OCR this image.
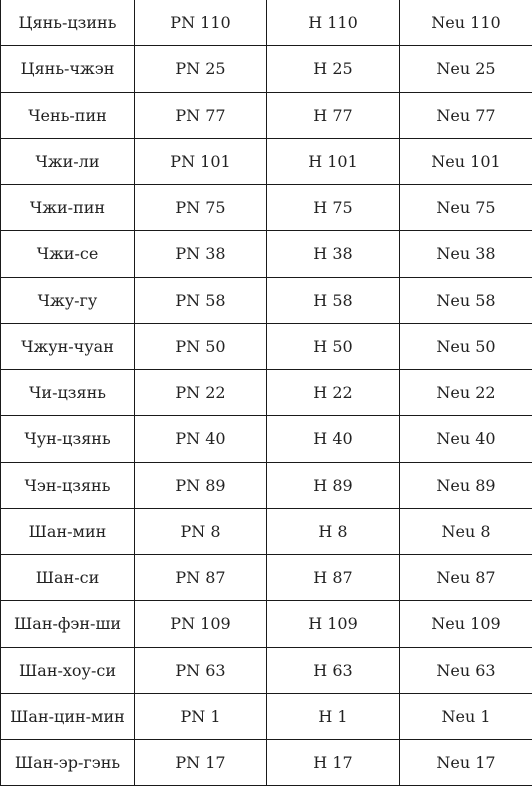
Цянь-цзинь	PN 110	H 110	Neu 110
Цянь-чжэн	PN 25	H 25	Neu 25
Чень-пин	PN 77	H 77	Neu 77
Чжи-ли	PN 101	H 101	Neu 101
Чжи-пин	PN 75	H 75	Neu 75
Чжи-се	PN 38	H 38	Neu 38
Чжу-гу	PN 58	H 58	Neu 58
Чжун-чуан	PN 50	H 50	Neu 50
Чи-цзянь	PN 22	H 22	Neu 22
Чун-цзянь	PN 40	H 40	Neu 40
Чэн-цзянь	PN 89	H 89	Neu 89
Шан-мин	PN 8	H 8	Neu 8
Шан-си	PN 87	H 87	Neu 87
Шан-фэн-ши	PN 109	H 109	Neu 109
Шан-хоу-си	PN 63	H 63	Neu 63
Шан-цин-мин	PN 1	H 1	Neu 1
Шан-эр-гэнь	PN 17	H 17	Neu 17
